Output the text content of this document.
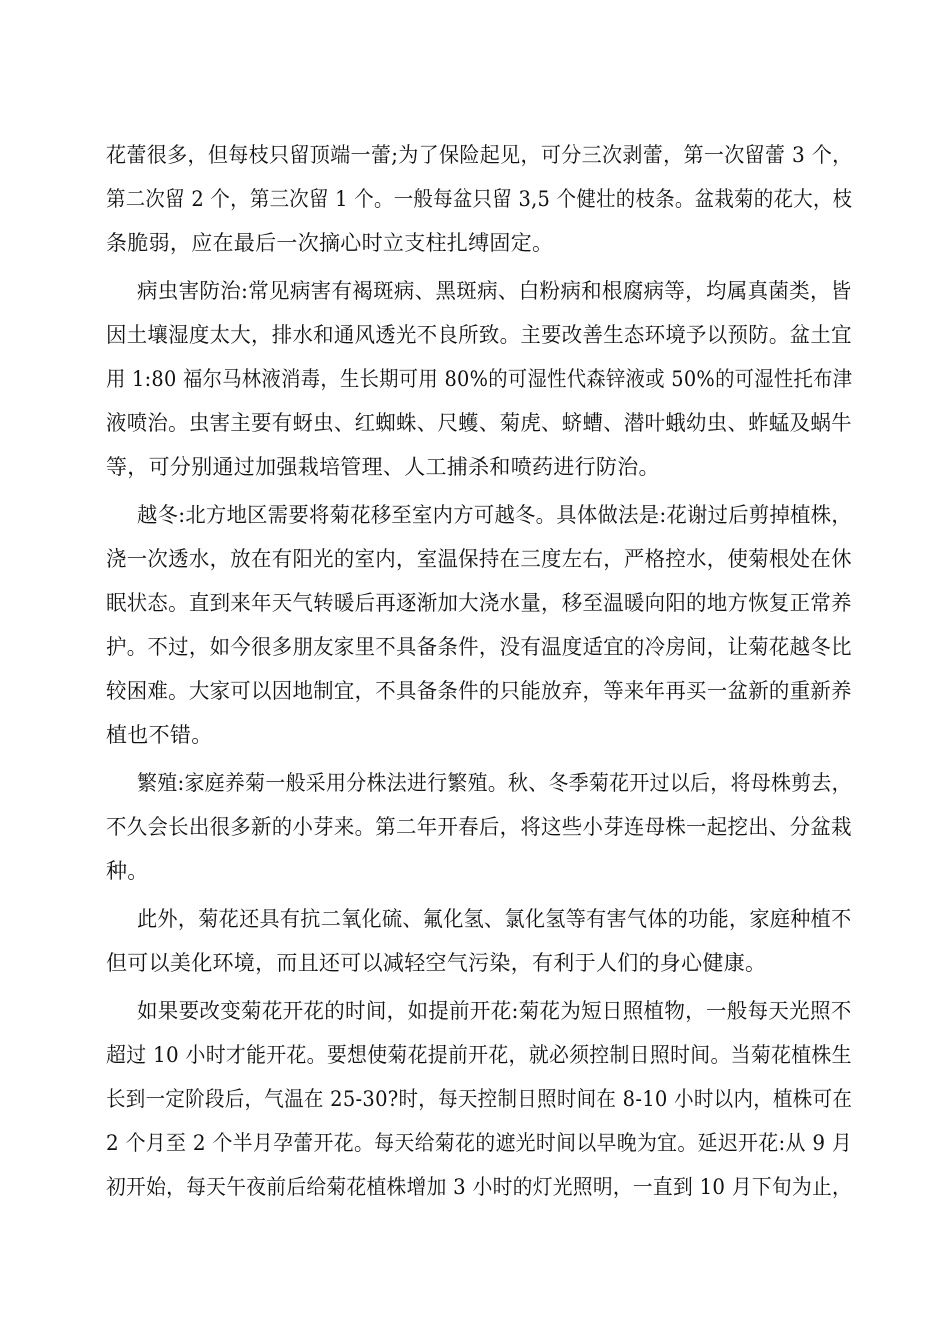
花蕾很多，但每枝只留顶端一蕾;为了保险起见，可分三次剥蕾，第一次留蕾 3 个，
第二次留 2 个，第三次留 1 个。一般每盆只留 3,5 个健壮的枝条。盆栽菊的花大，枝
条脆弱，应在最后一次摘心时立支柱扎缚固定。
病虫害防治:常见病害有褐斑病、黑斑病、白粉病和根腐病等，均属真菌类，皆
因土壤湿度太大，排水和通风透光不良所致。主要改善生态环境予以预防。盆土宜
用 1:80 福尔马林液消毒，生长期可用 80%的可湿性代森锌液或 50%的可湿性托布津
液喷治。虫害主要有蚜虫、红蜘蛛、尺蠖、菊虎、蛴螬、潜叶蛾幼虫、蚱蜢及蜗牛
等，可分别通过加强栽培管理、人工捕杀和喷药进行防治。
越冬:北方地区需要将菊花移至室内方可越冬。具体做法是:花谢过后剪掉植株，
浇一次透水，放在有阳光的室内，室温保持在三度左右，严格控水，使菊根处在休
眠状态。直到来年天气转暖后再逐渐加大浇水量，移至温暖向阳的地方恢复正常养
护。不过，如今很多朋友家里不具备条件，没有温度适宜的冷房间，让菊花越冬比
较困难。大家可以因地制宜，不具备条件的只能放弃，等来年再买一盆新的重新养
植也不错。
繁殖:家庭养菊一般采用分株法进行繁殖。秋、冬季菊花开过以后，将母株剪去，
不久会长出很多新的小芽来。第二年开春后，将这些小芽连母株一起挖出、分盆栽
种。
此外，菊花还具有抗二氧化硫、氟化氢、氯化氢等有害气体的功能，家庭种植不
但可以美化环境，而且还可以减轻空气污染，有利于人们的身心健康。
如果要改变菊花开花的时间，如提前开花:菊花为短日照植物，一般每天光照不
超过 10 小时才能开花。要想使菊花提前开花，就必须控制日照时间。当菊花植株生
长到一定阶段后，气温在 25-30?时，每天控制日照时间在 8-10 小时以内，植株可在
2 个月至 2 个半月孕蕾开花。每天给菊花的遮光时间以早晚为宜。延迟开花:从 9 月
初开始，每天午夜前后给菊花植株增加 3 小时的灯光照明，一直到 10 月下旬为止，
